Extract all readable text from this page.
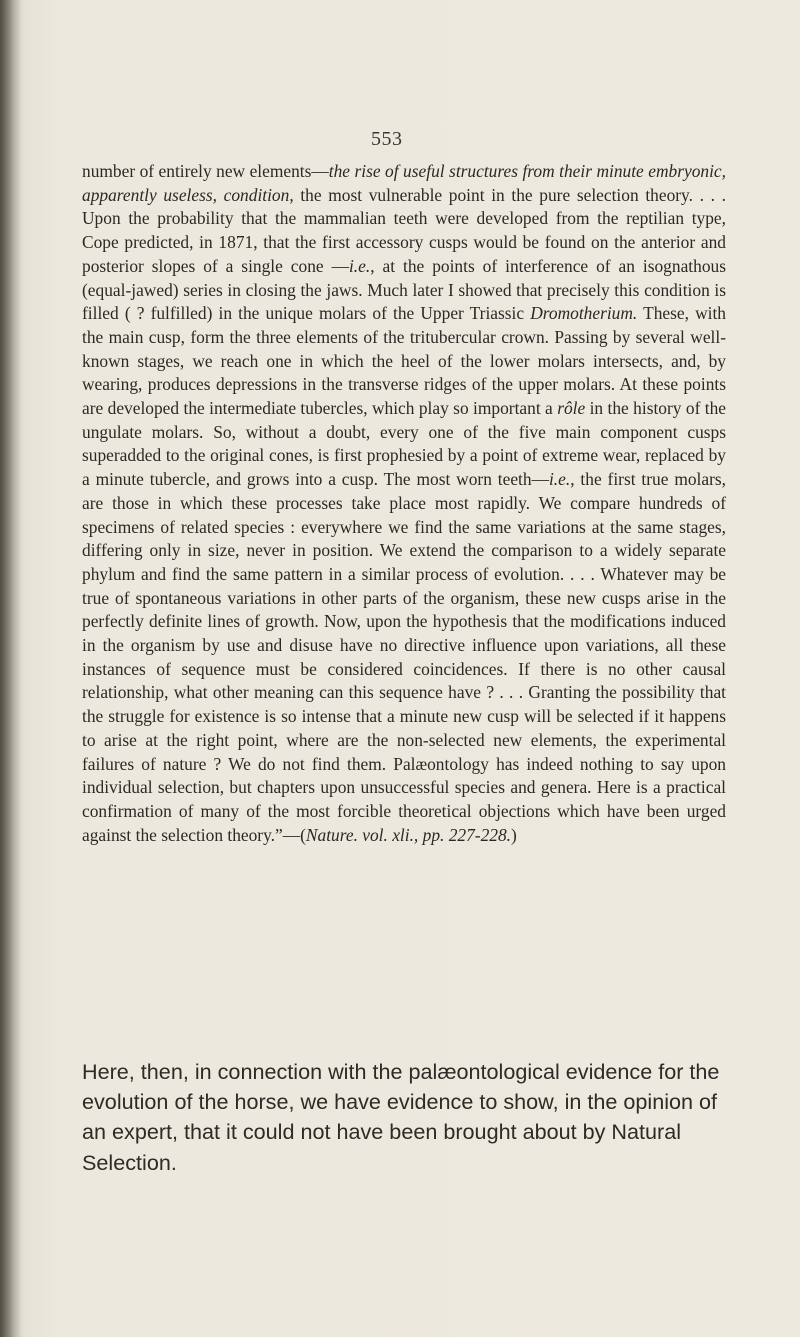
553

number of entirely new elements—the rise of useful structures from their minute embryonic, apparently useless, condition, the most vulnerable point in the pure selection theory. . . . Upon the probability that the mammalian teeth were developed from the reptilian type, Cope predicted, in 1871, that the first accessory cusps would be found on the anterior and posterior slopes of a single cone —i.e., at the points of interference of an isognathous (equal-jawed) series in closing the jaws. Much later I showed that precisely this condition is filled ( ? fulfilled) in the unique molars of the Upper Triassic Dromotherium. These, with the main cusp, form the three elements of the tritubercular crown. Passing by several well-known stages, we reach one in which the heel of the lower molars intersects, and, by wearing, produces depressions in the transverse ridges of the upper molars. At these points are developed the intermediate tubercles, which play so important a rôle in the history of the ungulate molars. So, without a doubt, every one of the five main component cusps superadded to the original cones, is first prophesied by a point of extreme wear, replaced by a minute tubercle, and grows into a cusp. The most worn teeth—i.e., the first true molars, are those in which these processes take place most rapidly. We compare hundreds of specimens of related species : everywhere we find the same variations at the same stages, differing only in size, never in position. We extend the comparison to a widely separate phylum and find the same pattern in a similar process of evolution. . . . Whatever may be true of spontaneous variations in other parts of the organism, these new cusps arise in the perfectly definite lines of growth. Now, upon the hypothesis that the modifications induced in the organism by use and disuse have no directive influence upon variations, all these instances of sequence must be considered coincidences. If there is no other causal relationship, what other meaning can this sequence have ? . . . Granting the possibility that the struggle for existence is so intense that a minute new cusp will be selected if it happens to arise at the right point, where are the non-selected new elements, the experimental failures of nature ? We do not find them. Palæontology has indeed nothing to say upon individual selection, but chapters upon unsuccessful species and genera. Here is a practical confirmation of many of the most forcible theoretical objections which have been urged against the selection theory.”—(Nature. vol. xli., pp. 227-228.)

Here, then, in connection with the palæontological evidence for the evolution of the horse, we have evidence to show, in the opinion of an expert, that it could not have been brought about by Natural Selection.
